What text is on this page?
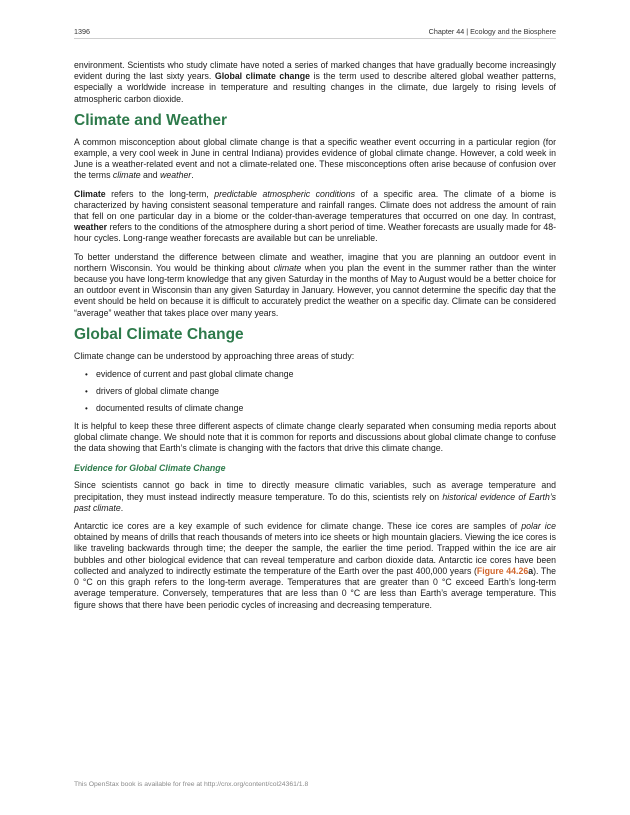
1396	Chapter 44 | Ecology and the Biosphere

environment. Scientists who study climate have noted a series of marked changes that have gradually become increasingly evident during the last sixty years. Global climate change is the term used to describe altered global weather patterns, especially a worldwide increase in temperature and resulting changes in the climate, due largely to rising levels of atmospheric carbon dioxide.

Climate and Weather

A common misconception about global climate change is that a specific weather event occurring in a particular region (for example, a very cool week in June in central Indiana) provides evidence of global climate change. However, a cold week in June is a weather-related event and not a climate-related one. These misconceptions often arise because of confusion over the terms climate and weather.

Climate refers to the long-term, predictable atmospheric conditions of a specific area. The climate of a biome is characterized by having consistent seasonal temperature and rainfall ranges. Climate does not address the amount of rain that fell on one particular day in a biome or the colder-than-average temperatures that occurred on one day. In contrast, weather refers to the conditions of the atmosphere during a short period of time. Weather forecasts are usually made for 48-hour cycles. Long-range weather forecasts are available but can be unreliable.

To better understand the difference between climate and weather, imagine that you are planning an outdoor event in northern Wisconsin. You would be thinking about climate when you plan the event in the summer rather than the winter because you have long-term knowledge that any given Saturday in the months of May to August would be a better choice for an outdoor event in Wisconsin than any given Saturday in January. However, you cannot determine the specific day that the event should be held on because it is difficult to accurately predict the weather on a specific day. Climate can be considered “average” weather that takes place over many years.

Global Climate Change

Climate change can be understood by approaching three areas of study:

• evidence of current and past global climate change
• drivers of global climate change
• documented results of climate change

It is helpful to keep these three different aspects of climate change clearly separated when consuming media reports about global climate change. We should note that it is common for reports and discussions about global climate change to confuse the data showing that Earth’s climate is changing with the factors that drive this climate change.

Evidence for Global Climate Change

Since scientists cannot go back in time to directly measure climatic variables, such as average temperature and precipitation, they must instead indirectly measure temperature. To do this, scientists rely on historical evidence of Earth’s past climate.

Antarctic ice cores are a key example of such evidence for climate change. These ice cores are samples of polar ice obtained by means of drills that reach thousands of meters into ice sheets or high mountain glaciers. Viewing the ice cores is like traveling backwards through time; the deeper the sample, the earlier the time period. Trapped within the ice are air bubbles and other biological evidence that can reveal temperature and carbon dioxide data. Antarctic ice cores have been collected and analyzed to indirectly estimate the temperature of the Earth over the past 400,000 years (Figure 44.26a). The 0 °C on this graph refers to the long-term average. Temperatures that are greater than 0 °C exceed Earth’s long-term average temperature. Conversely, temperatures that are less than 0 °C are less than Earth’s average temperature. This figure shows that there have been periodic cycles of increasing and decreasing temperature.

This OpenStax book is available for free at http://cnx.org/content/col24361/1.8
